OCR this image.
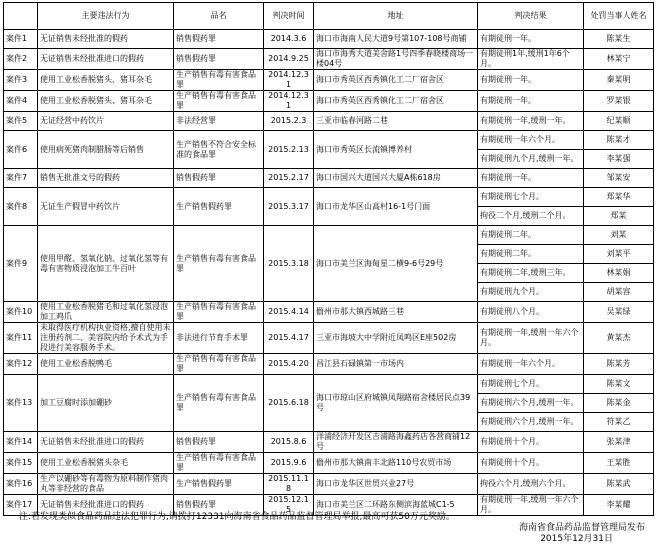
	主要违法行为	品名	判决时间	地址	判决结果	处罚当事人姓名
案件1	无证销售未经批准的假药	销售假药罪	2014.3.6	海口市海南人民大道9号第107-108号商铺	有期徒刑一年。	陈某生
案件2	无证销售未经批准进口的假药	销售假药罪	2014.9.25	海口市海秀大道美舍路1号四季春晓楼商场一楼04号	有期徒刑1年,缓刑1年6个月。	林某宁
案件3	使用工业松香脱猪头、猪耳杂毛	生产销售有毒有害食品罪	2014.12.31	海口市秀英区西秀镇化工二厂宿舍区	有期徒刑一年。	秦某明
案件4	使用工业松香脱猪头、猪耳杂毛	生产销售有毒有害食品罪	2014.12.31	海口市秀英区西秀镇化工二厂宿舍区	有期徒刑一年。	罗某银
案件5	无证经营中药饮片	非法经营罪	2015.2.3	三亚市临春河路二巷	有期徒刑一年,缓刑一年。	纪某顺
案件6	使用病死猪肉制腊肠等后销售	生产销售不符合安全标准的食品罪	2015.2.13	海口市秀英区长流镇博养村	有期徒刑一年六个月。	陈某才
					有期徒刑九个月,缓刑一年。	李某强
案件7	销售无批准文号的假药	销售假药罪	2015.2.17	海口市国兴大道国兴大厦A栋618房	有期徒刑一年。	邹某安
案件8	无证生产假冒中药饮片	生产销售假药罪	2015.3.17	海口市龙华区山高村16-1号门面	有期徒刑七个月。	郑某华
					拘役二个月,缓刑二个月。	郑某
案件9	使用甲醛、氢氧化钠、过氧化氢等有毒有害物质浸泡加工牛百叶	生产销售有毒有害食品罪	2015.3.18	海口市美兰区海甸星二横9-6号29号	有期徒刑二年。	刘某
					有期徒刑二年。	刘某平
					有期徒刑二年,缓刑三年。	林某娟
					有期徒刑九个月。	胡某容
案件10	使用工业松香脱猪毛和过氧化氢浸泡加工鸡爪	生产销售有毒有害食品罪	2015.4.14	儋州市那大镇西城路三巷	有期徒刑八个月。	吴某绿
案件11	未取得医疗机构执业资格,擅自使用未注册药剂二、美容院内给予术式为手段进行美容服务手术。	非法进行节育手术罪	2015.4.17	三亚市海坡大中学附近凤鸣区E座502房	有期徒刑一年,缓刑一年六个月。	黄某杰
案件12	使用工业松香脱鸭毛	生产销售有毒有害食品罪	2015.4.20	昌江县石碌镇第一市场内	有期徒刑一年六个月。	陈某芳
案件13	加工豆腐时添加硼砂	生产销售有毒有害食品罪	2015.6.18	海口市琼山区府城镇凤翔路宿舍楼居民点39号	有期徒刑七个月。	陈某文
					有期徒刑六个月,缓刑一年。	陈某金
					有期徒刑六个月,缓刑一年。	符某乙
案件14	无证销售未经批准进口的假药	销售假药罪	2015.8.6	洋浦经济开发区吉浦路海鑫药店各营商铺12号	有期徒刑十个月。	张某津
案件15	使用工业松香脱猪头杂毛	生产销售有毒有害食品罪	2015.9.6	儋州市那大镇南丰北路110号农贸市场	有期徒刑十个月。	王某胜
案件16	生产以硼砂等有毒物为原料制作猪肉丸等非经营的食品	生产销售假药罪	2015.11.18	海口市龙华区世贸兴业27号	拘役六个月,缓刑六个月。	陈某武
案件17	无证销售未经批准进口的假药	销售假药罪	2015.12.15	海口市美兰区二环路东侧滨海蓝城C1-5	有期徒刑一年,缓刑一年六个月。	李某耀
注:若发现类似食品药品违法犯罪行为,请拨打12331向海南省食品药品监督管理局举报,最高可获50万元奖励。
海南省食品药品监督管理局发布
2015年12月31日
